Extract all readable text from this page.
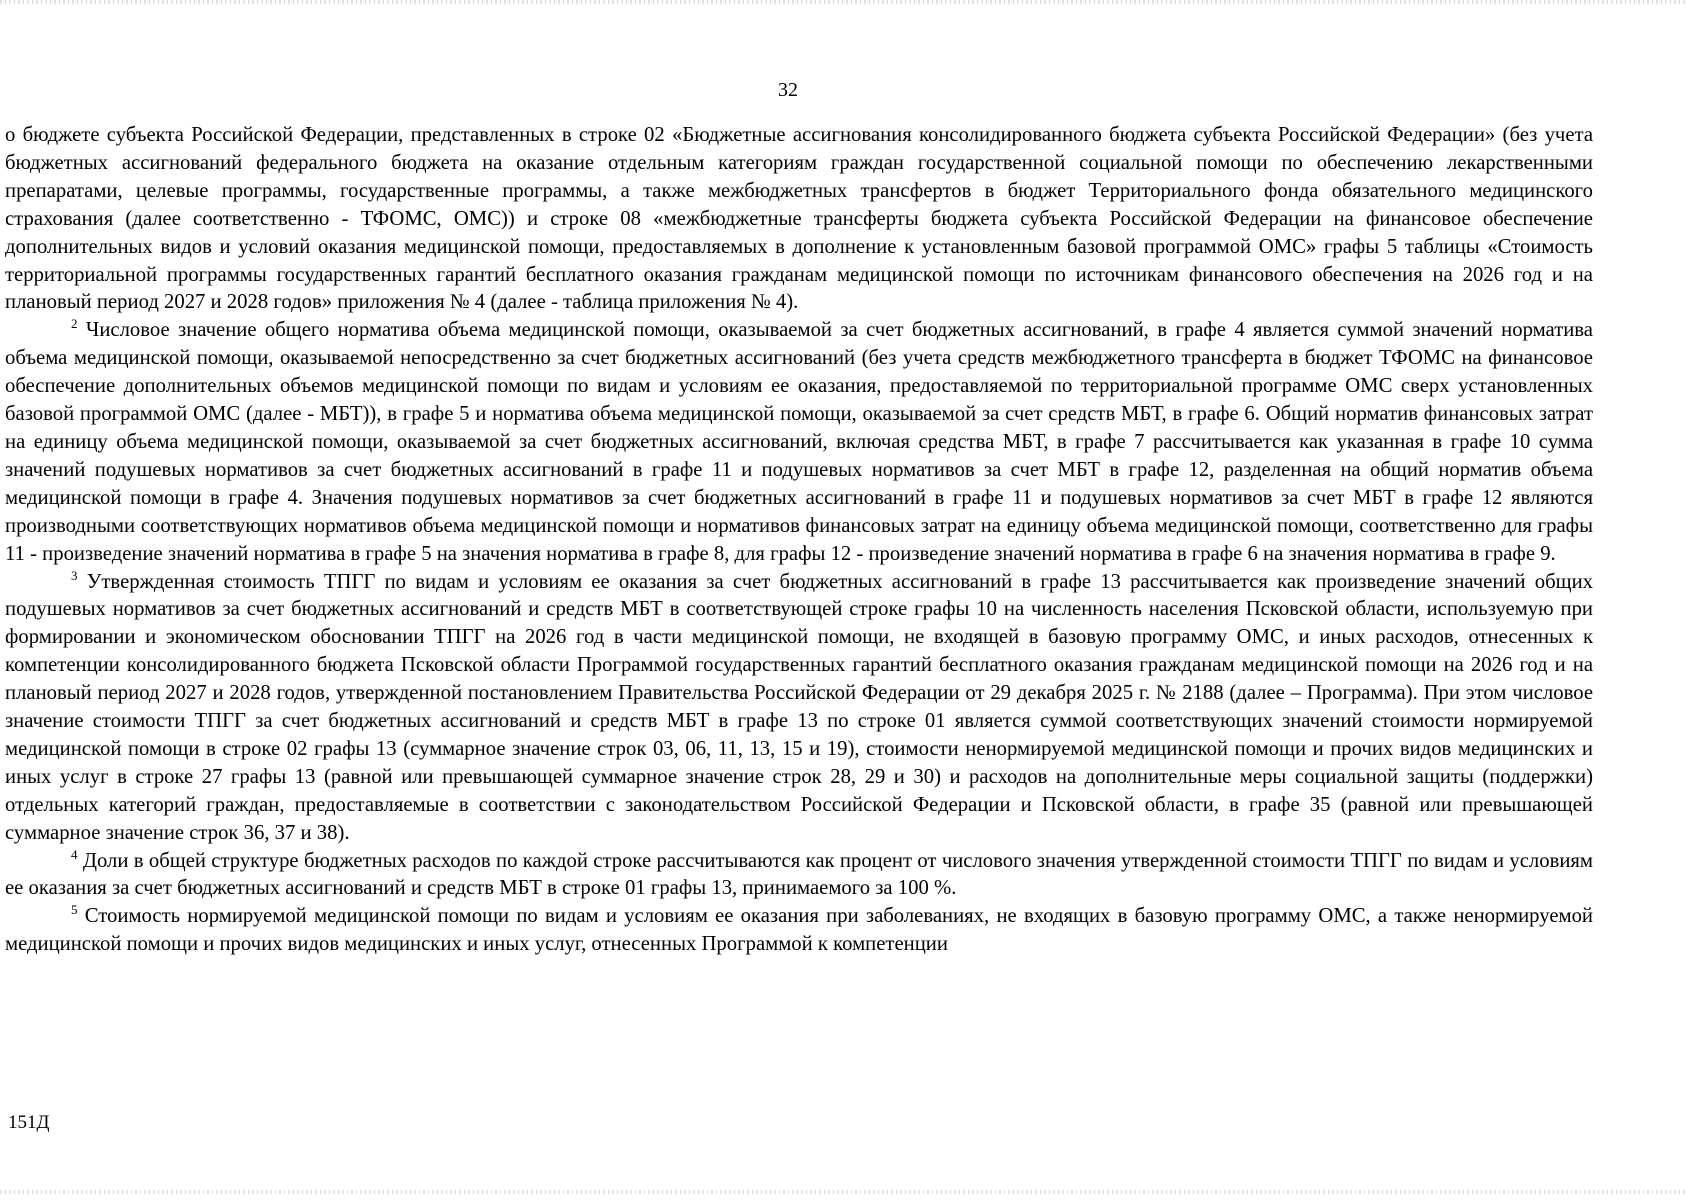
32

о бюджете субъекта Российской Федерации, представленных в строке 02 «Бюджетные ассигнования консолидированного бюджета субъекта Российской Федерации» (без учета бюджетных ассигнований федерального бюджета на оказание отдельным категориям граждан государственной социальной помощи по обеспечению лекарственными препаратами, целевые программы, государственные программы, а также межбюджетных трансфертов в бюджет Территориального фонда обязательного медицинского страхования (далее соответственно - ТФОМС, ОМС)) и строке 08 «межбюджетные трансферты бюджета субъекта Российской Федерации на финансовое обеспечение дополнительных видов и условий оказания медицинской помощи, предоставляемых в дополнение к установленным базовой программой ОМС» графы 5 таблицы «Стоимость территориальной программы государственных гарантий бесплатного оказания гражданам медицинской помощи по источникам финансового обеспечения на 2026 год и на плановый период 2027 и 2028 годов» приложения № 4 (далее - таблица приложения № 4).

$^2$ Числовое значение общего норматива объема медицинской помощи, оказываемой за счет бюджетных ассигнований, в графе 4 является суммой значений норматива объема медицинской помощи, оказываемой непосредственно за счет бюджетных ассигнований (без учета средств межбюджетного трансферта в бюджет ТФОМС на финансовое обеспечение дополнительных объемов медицинской помощи по видам и условиям ее оказания, предоставляемой по территориальной программе ОМС сверх установленных базовой программой ОМС (далее - МБТ)), в графе 5 и норматива объема медицинской помощи, оказываемой за счет средств МБТ, в графе 6. Общий норматив финансовых затрат на единицу объема медицинской помощи, оказываемой за счет бюджетных ассигнований, включая средства МБТ, в графе 7 рассчитывается как указанная в графе 10 сумма значений подушевых нормативов за счет бюджетных ассигнований в графе 11 и подушевых нормативов за счет МБТ в графе 12, разделенная на общий норматив объема медицинской помощи в графе 4. Значения подушевых нормативов за счет бюджетных ассигнований в графе 11 и подушевых нормативов за счет МБТ в графе 12 являются производными соответствующих нормативов объема медицинской помощи и нормативов финансовых затрат на единицу объема медицинской помощи, соответственно для графы 11 - произведение значений норматива в графе 5 на значения норматива в графе 8, для графы 12 - произведение значений норматива в графе 6 на значения норматива в графе 9.

$^3$ Утвержденная стоимость ТПГГ по видам и условиям ее оказания за счет бюджетных ассигнований в графе 13 рассчитывается как произведение значений общих подушевых нормативов за счет бюджетных ассигнований и средств МБТ в соответствующей строке графы 10 на численность населения Псковской области, используемую при формировании и экономическом обосновании ТПГГ на 2026 год в части медицинской помощи, не входящей в базовую программу ОМС, и иных расходов, отнесенных к компетенции консолидированного бюджета Псковской области Программой государственных гарантий бесплатного оказания гражданам медицинской помощи на 2026 год и на плановый период 2027 и 2028 годов, утвержденной постановлением Правительства Российской Федерации от 29 декабря 2025 г. № 2188 (далее – Программа). При этом числовое значение стоимости ТПГГ за счет бюджетных ассигнований и средств МБТ в графе 13 по строке 01 является суммой соответствующих значений стоимости нормируемой медицинской помощи в строке 02 графы 13 (суммарное значение строк 03, 06, 11, 13, 15 и 19), стоимости ненормируемой медицинской помощи и прочих видов медицинских и иных услуг в строке 27 графы 13 (равной или превышающей суммарное значение строк 28, 29 и 30) и расходов на дополнительные меры социальной защиты (поддержки) отдельных категорий граждан, предоставляемые в соответствии с законодательством Российской Федерации и Псковской области, в графе 35 (равной или превышающей суммарное значение строк 36, 37 и 38).

$^4$ Доли в общей структуре бюджетных расходов по каждой строке рассчитываются как процент от числового значения утвержденной стоимости ТПГГ по видам и условиям ее оказания за счет бюджетных ассигнований и средств МБТ в строке 01 графы 13, принимаемого за 100 %.

$^5$ Стоимость нормируемой медицинской помощи по видам и условиям ее оказания при заболеваниях, не входящих в базовую программу ОМС, а также ненормируемой медицинской помощи и прочих видов медицинских и иных услуг, отнесенных Программой к компетенции

151Д
